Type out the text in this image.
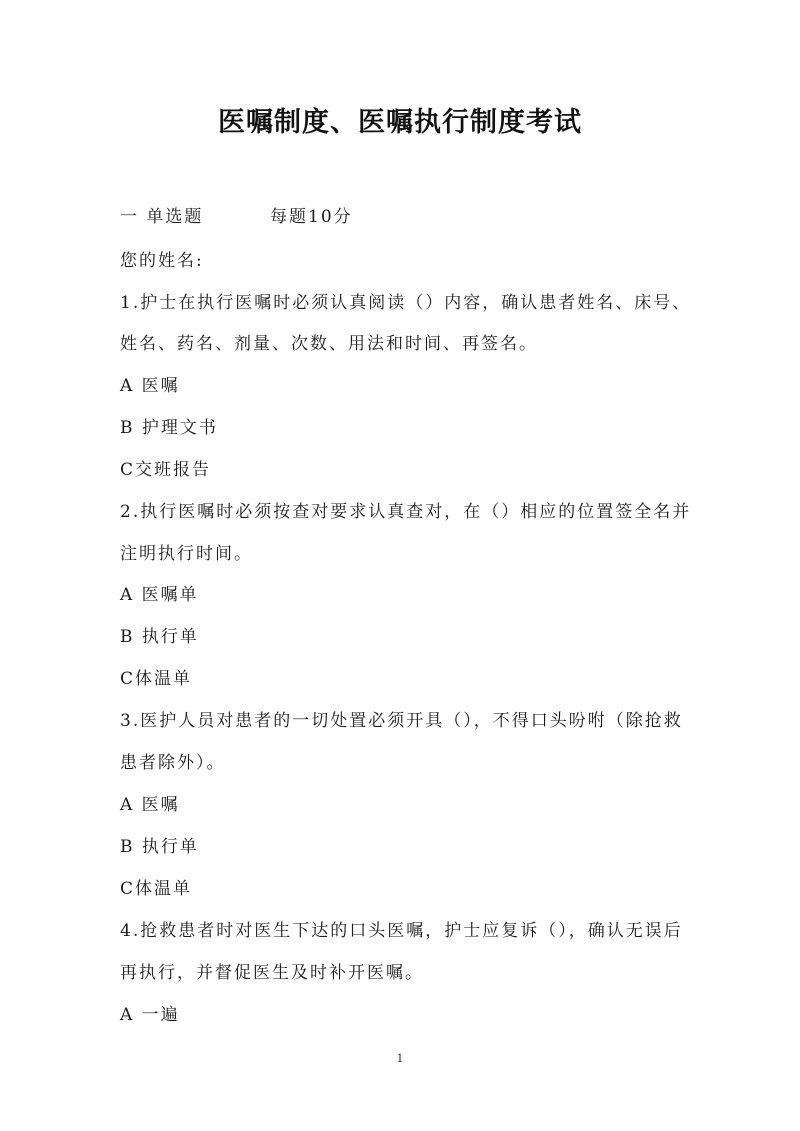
医嘱制度、医嘱执行制度考试
一 单选题	每题10分
您的姓名:
1.护士在执行医嘱时必须认真阅读（）内容，确认患者姓名、床号、
姓名、药名、剂量、次数、用法和时间、再签名。
A 医嘱
B 护理文书
C交班报告
2.执行医嘱时必须按查对要求认真查对，在（）相应的位置签全名并
注明执行时间。
A 医嘱单
B 执行单
C体温单
3.医护人员对患者的一切处置必须开具（），不得口头吩咐（除抢救
患者除外）。
A 医嘱
B 执行单
C体温单
4.抢救患者时对医生下达的口头医嘱，护士应复诉（），确认无误后
再执行，并督促医生及时补开医嘱。
A 一遍
1
